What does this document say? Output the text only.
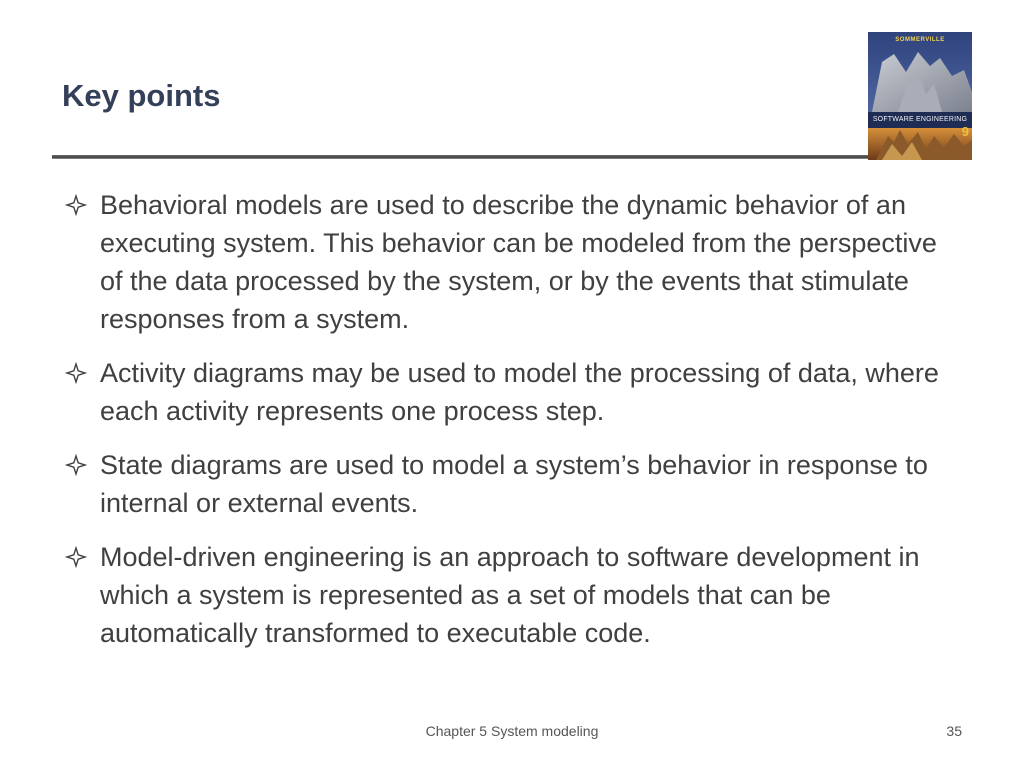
Key points
SOMMERVILLE
SOFTWARE ENGINEERING
9
Behavioral models are used to describe the dynamic behavior of an executing system. This behavior can be modeled from the perspective of the data processed by the system, or by the events that stimulate responses from a system.
Activity diagrams may be used to model the processing of data, where each activity represents one process step.
State diagrams are used to model a system’s behavior in response to internal or external events.
Model-driven engineering is an approach to software development in which a system is represented as a set of models that can be automatically transformed to executable code.
Chapter 5 System modeling	35
